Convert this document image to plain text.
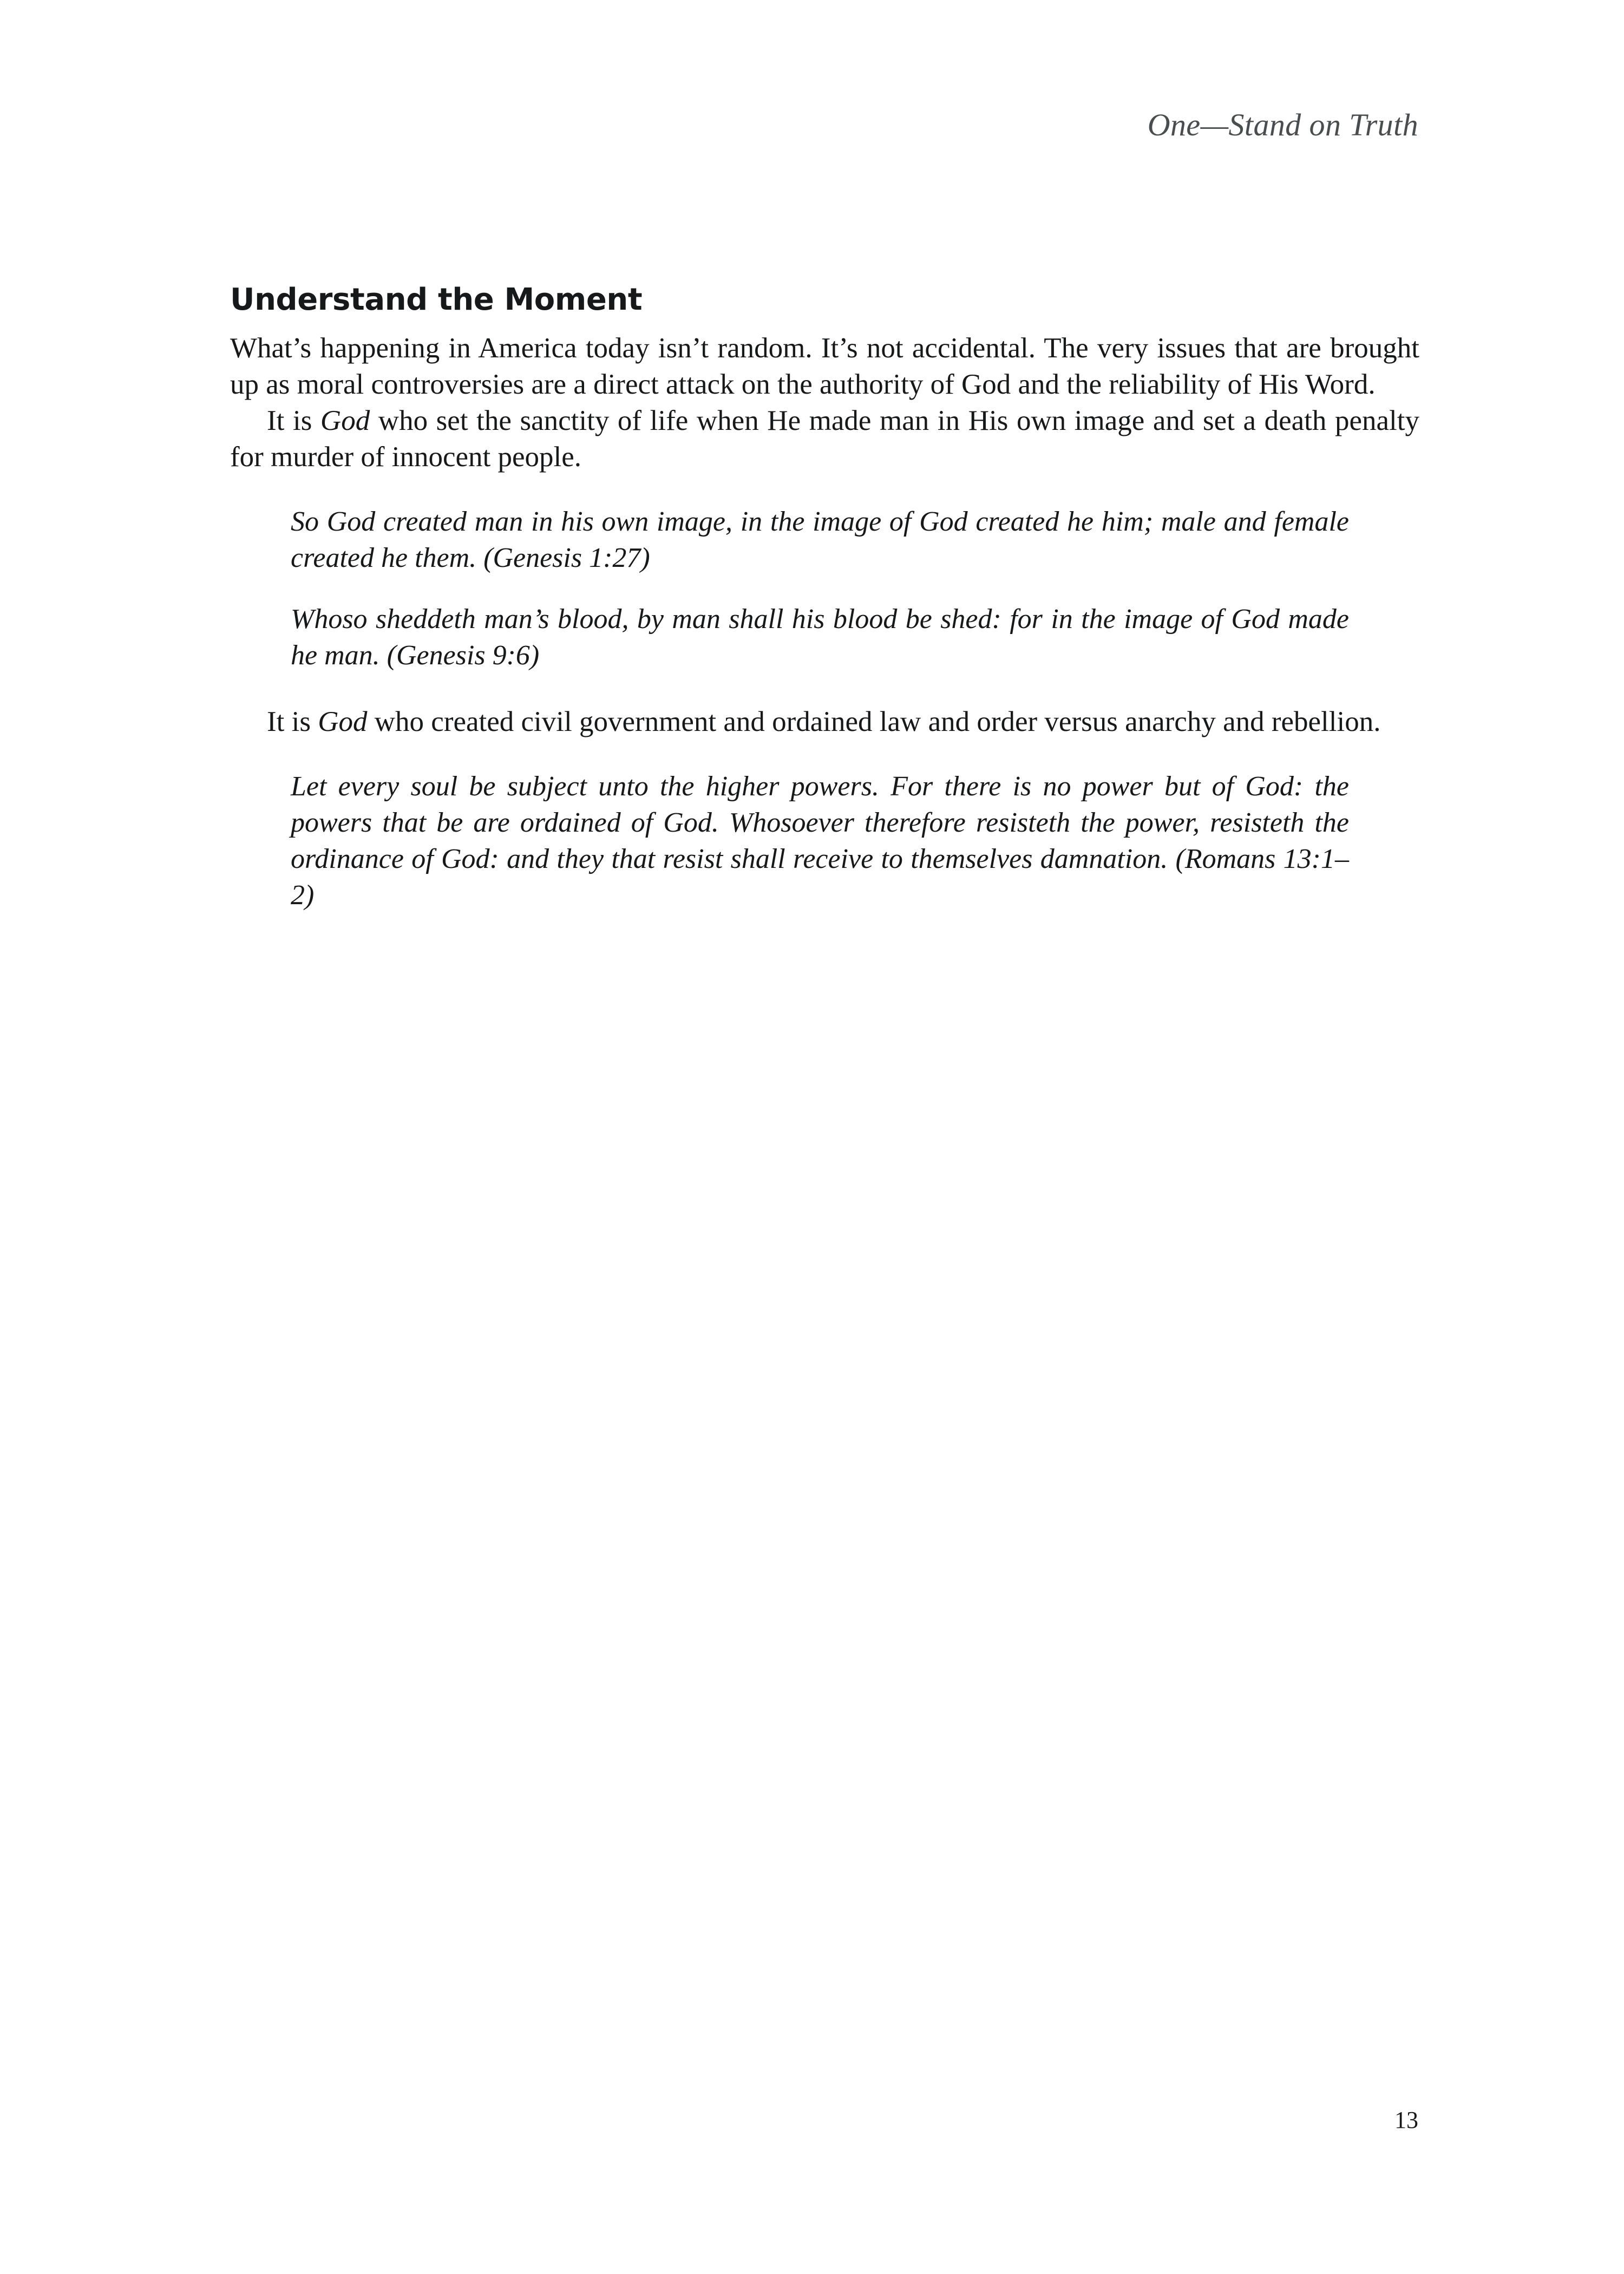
One—Stand on Truth
Understand the Moment

What’s happening in America today isn’t random. It’s not accidental. The very issues that are brought up as moral controversies are a direct attack on the authority of God and the reliability of His Word.

It is God who set the sanctity of life when He made man in His own image and set a death penalty for murder of innocent people.

So God created man in his own image, in the image of God created he him; male and female created he them. (Genesis 1:27)
Whoso sheddeth man’s blood, by man shall his blood be shed: for in the image of God made he man. (Genesis 9:6)

It is God who created civil government and ordained law and order versus anarchy and rebellion.

Let every soul be subject unto the higher powers. For there is no power but of God: the powers that be are ordained of God. Whosoever therefore resisteth the power, resisteth the ordinance of God: and they that resist shall receive to themselves damnation. (Romans 13:1–2)
13
